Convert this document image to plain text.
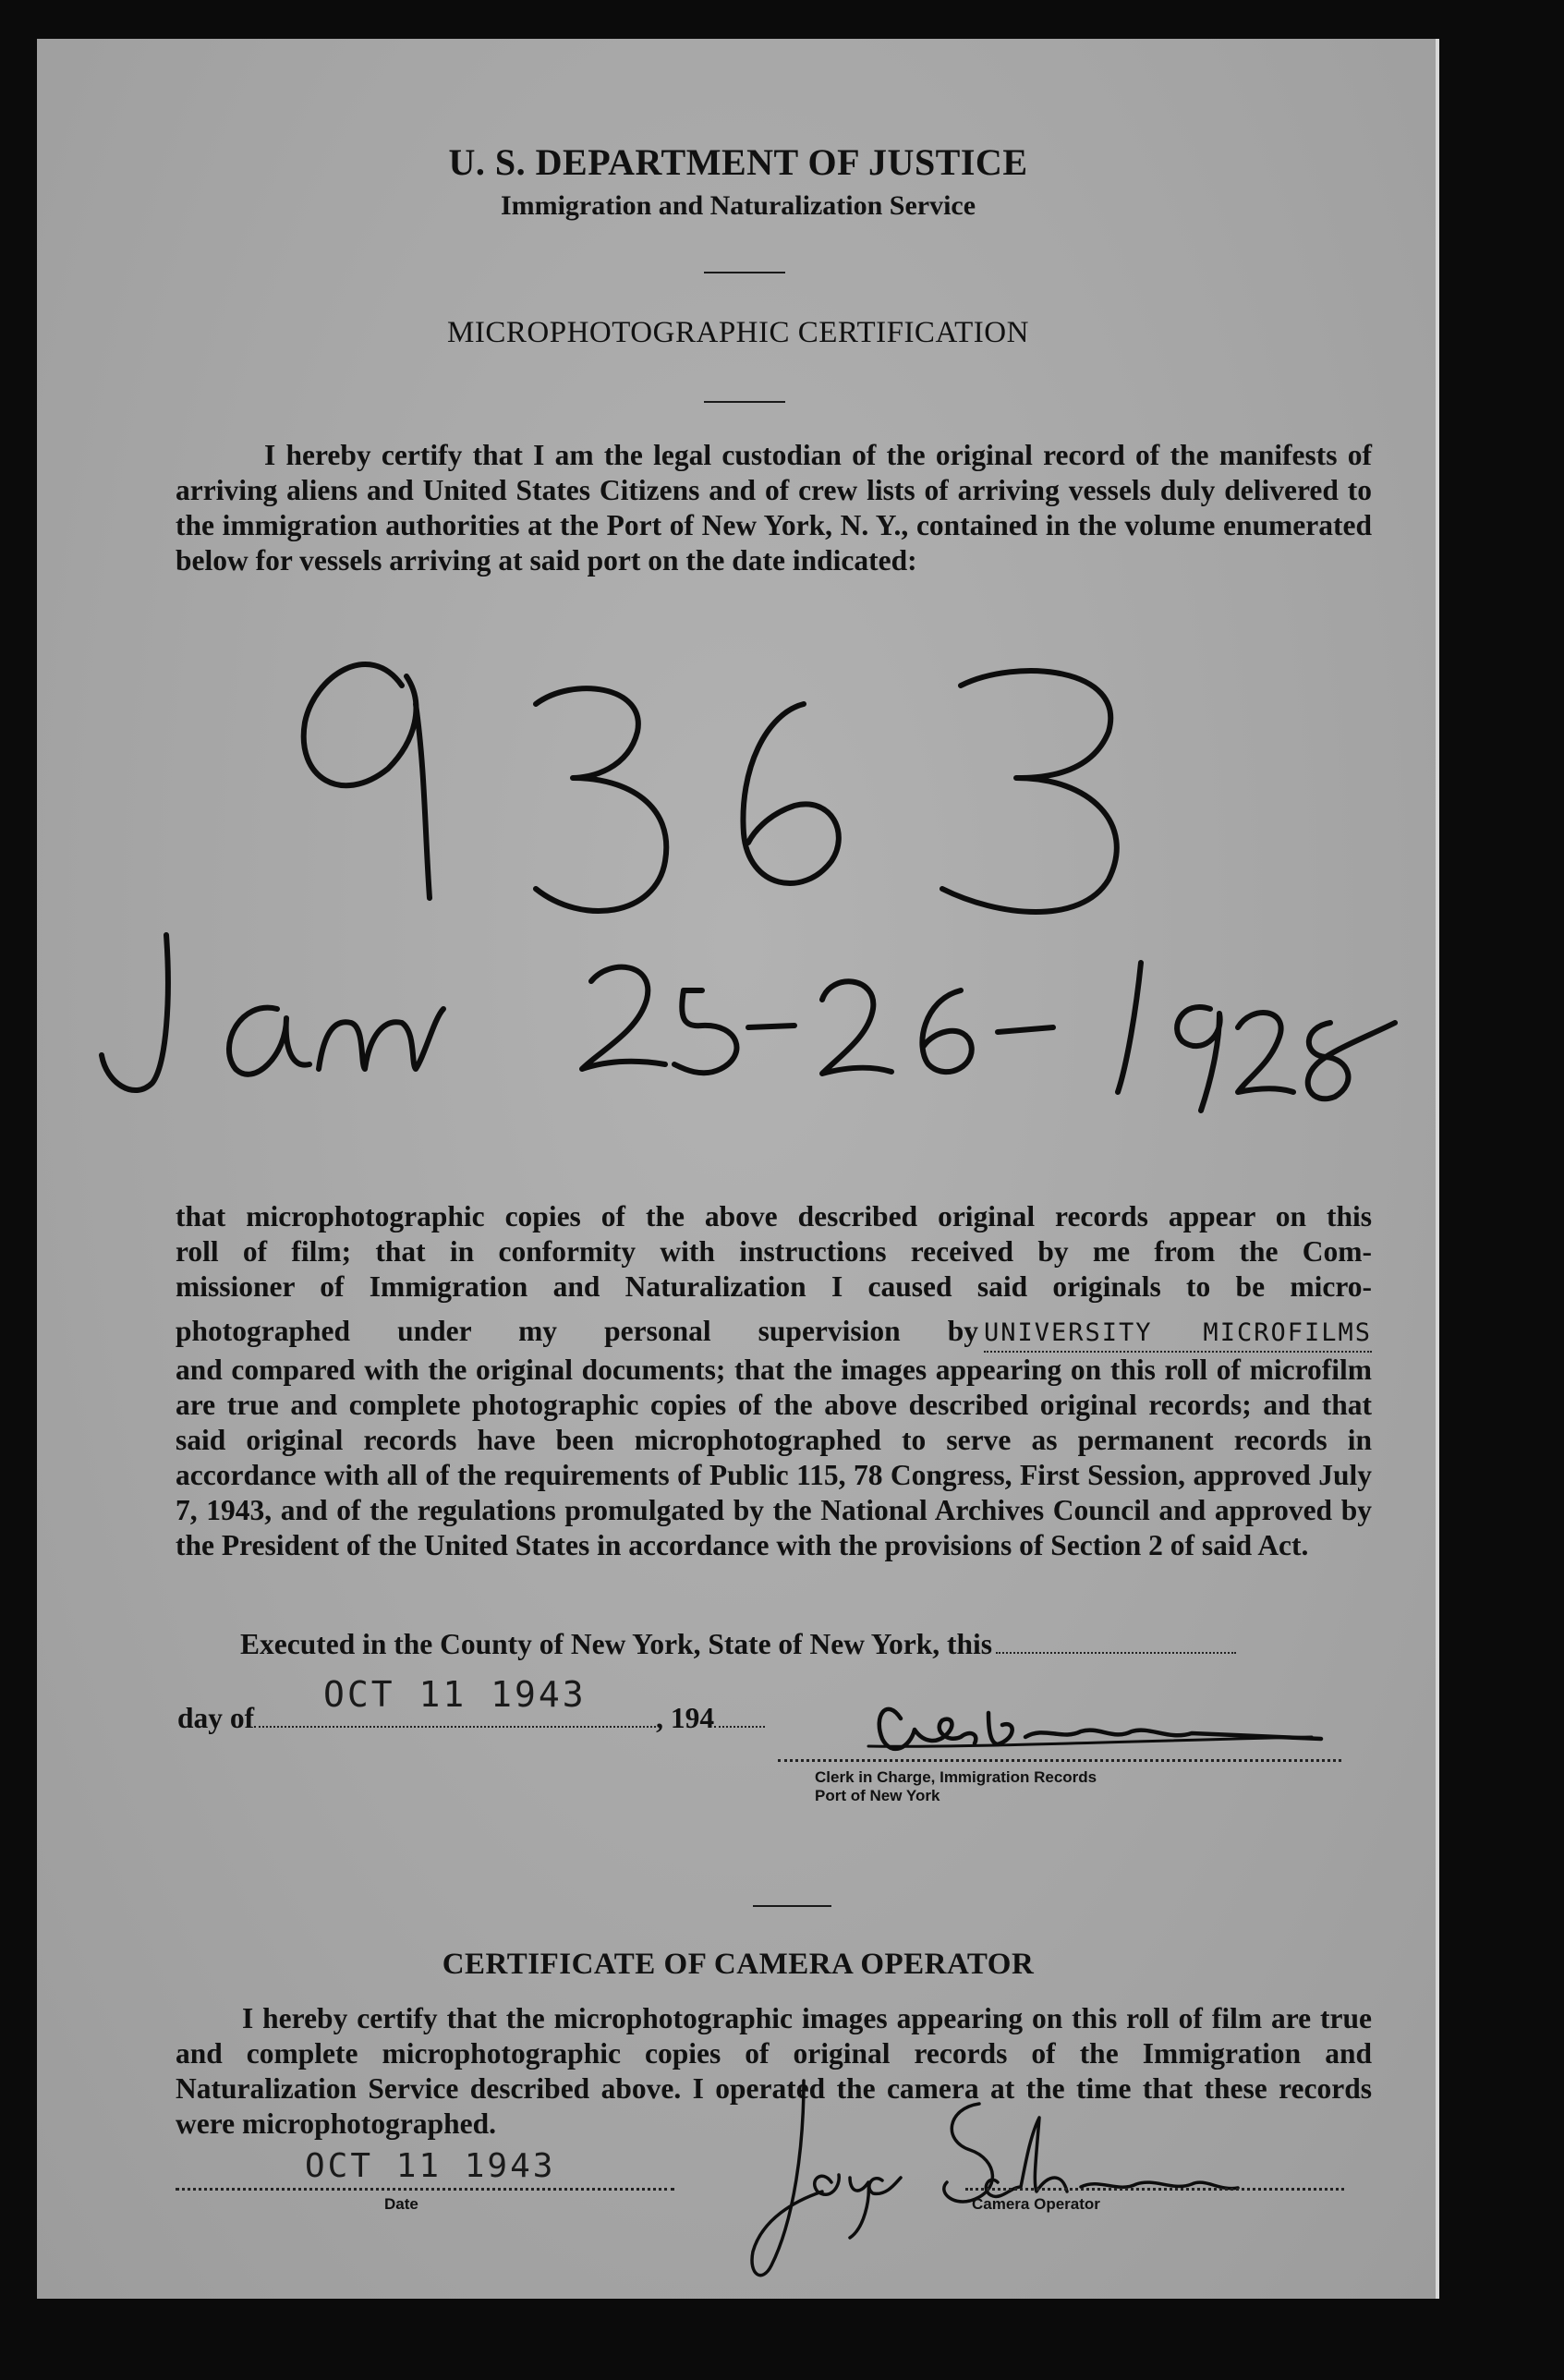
U. S. DEPARTMENT OF JUSTICE
Immigration and Naturalization Service
MICROPHOTOGRAPHIC CERTIFICATION
I hereby certify that I am the legal custodian of the original record of the manifests of arriving aliens and United States Citizens and of crew lists of arriving vessels duly delivered to the immigration authorities at the Port of New York, N. Y., contained in the volume enumerated below for vessels arriving at said port on the date indicated:
that microphotographic copies of the above described original records appear on this
roll of film; that in conformity with instructions received by me from the Com-
missioner of Immigration and Naturalization I caused said originals to be micro-
photographed under my personal supervision by UNIVERSITY MICROFILMS
and compared with the original documents; that the images appearing on this roll of microfilm are true and complete photographic copies of the above described original records; and that said original records have been microphotographed to serve as permanent records in accordance with all of the requirements of Public 115, 78 Congress, First Session, approved July 7, 1943, and of the regulations promulgated by the National Archives Council and approved by the President of the United States in accordance with the provisions of Section 2 of said Act.
Executed in the County of New York, State of New York, this
day of	, 194
OCT 11 1943
Clerk in Charge, Immigration Records
Port of New York
CERTIFICATE OF CAMERA OPERATOR
I hereby certify that the microphotographic images appearing on this roll of film are true and complete microphotographic copies of original records of the Immigration and Naturalization Service described above. I operated the camera at the time that these records were microphotographed.
OCT 11 1943
Date	Camera Operator
